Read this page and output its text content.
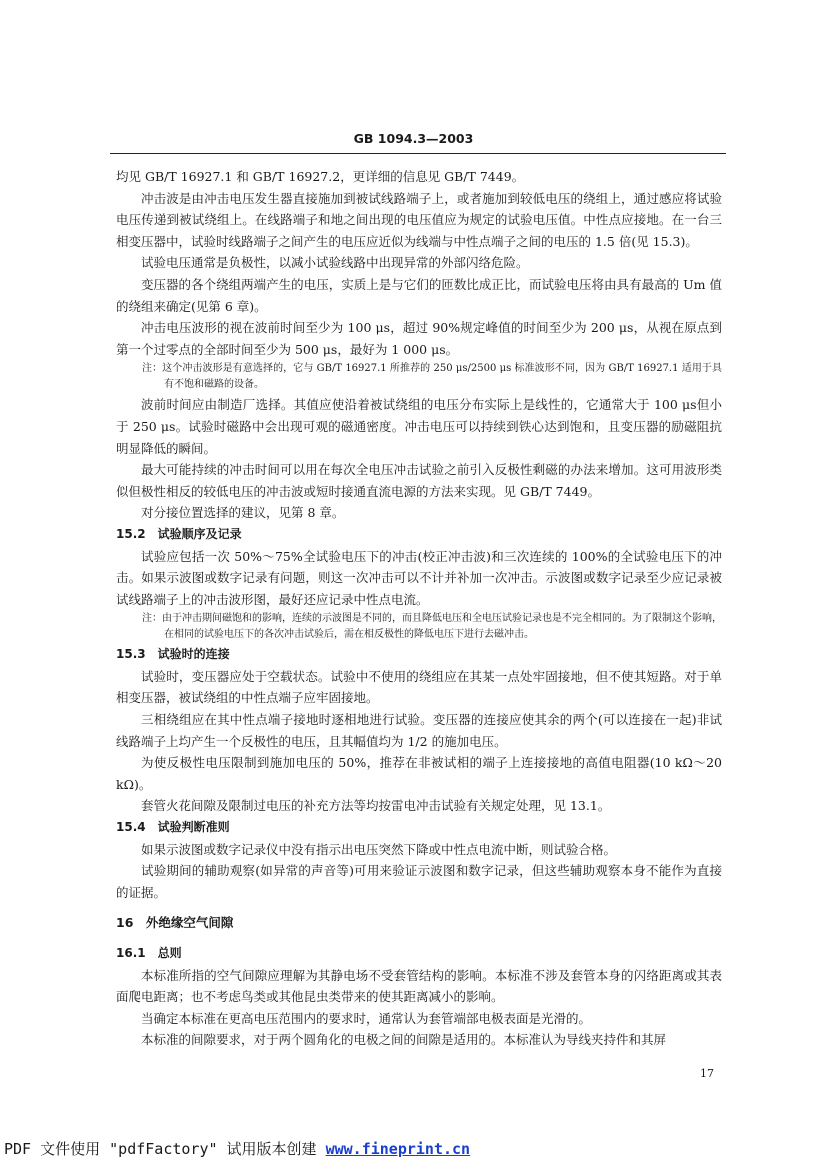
GB 1094.3—2003

均见 GB/T 16927.1 和 GB/T 16927.2，更详细的信息见 GB/T 7449。

冲击波是由冲击电压发生器直接施加到被试线路端子上，或者施加到较低电压的绕组上，通过感应将试验电压传递到被试绕组上。在线路端子和地之间出现的电压值应为规定的试验电压值。中性点应接地。在一台三相变压器中，试验时线路端子之间产生的电压应近似为线端与中性点端子之间的电压的 1.5 倍(见 15.3)。

试验电压通常是负极性，以减小试验线路中出现异常的外部闪络危险。

变压器的各个绕组两端产生的电压，实质上是与它们的匝数比成正比，而试验电压将由具有最高的 Um 值的绕组来确定(见第 6 章)。

冲击电压波形的视在波前时间至少为 100 μs，超过 90%规定峰值的时间至少为 200 μs，从视在原点到第一个过零点的全部时间至少为 500 μs，最好为 1 000 μs。

注：这个冲击波形是有意选择的，它与 GB/T 16927.1 所推荐的 250 μs/2500 μs 标准波形不同，因为 GB/T 16927.1 适用于具有不饱和磁路的设备。

波前时间应由制造厂选择。其值应使沿着被试绕组的电压分布实际上是线性的，它通常大于 100 μs但小于 250 μs。试验时磁路中会出现可观的磁通密度。冲击电压可以持续到铁心达到饱和，且变压器的励磁阻抗明显降低的瞬间。

最大可能持续的冲击时间可以用在每次全电压冲击试验之前引入反极性剩磁的办法来增加。这可用波形类似但极性相反的较低电压的冲击波或短时接通直流电源的方法来实现。见 GB/T 7449。

对分接位置选择的建议，见第 8 章。

15.2　试验顺序及记录

试验应包括一次 50%～75%全试验电压下的冲击(校正冲击波)和三次连续的 100%的全试验电压下的冲击。如果示波图或数字记录有问题，则这一次冲击可以不计并补加一次冲击。示波图或数字记录至少应记录被试线路端子上的冲击波形图，最好还应记录中性点电流。

注：由于冲击期间磁饱和的影响，连续的示波图是不同的，而且降低电压和全电压试验记录也是不完全相同的。为了限制这个影响，在相同的试验电压下的各次冲击试验后，需在相反极性的降低电压下进行去磁冲击。

15.3　试验时的连接

试验时，变压器应处于空载状态。试验中不使用的绕组应在其某一点处牢固接地，但不使其短路。对于单相变压器，被试绕组的中性点端子应牢固接地。

三相绕组应在其中性点端子接地时逐相地进行试验。变压器的连接应使其余的两个(可以连接在一起)非试线路端子上均产生一个反极性的电压，且其幅值均为 1/2 的施加电压。

为使反极性电压限制到施加电压的 50%，推荐在非被试相的端子上连接接地的高值电阻器(10 kΩ～20 kΩ)。

套管火花间隙及限制过电压的补充方法等均按雷电冲击试验有关规定处理，见 13.1。

15.4　试验判断准则

如果示波图或数字记录仪中没有指示出电压突然下降或中性点电流中断，则试验合格。

试验期间的辅助观察(如异常的声音等)可用来验证示波图和数字记录，但这些辅助观察本身不能作为直接的证据。

16　外绝缘空气间隙

16.1　总则

本标准所指的空气间隙应理解为其静电场不受套管结构的影响。本标准不涉及套管本身的闪络距离或其表面爬电距离；也不考虑鸟类或其他昆虫类带来的使其距离减小的影响。

当确定本标准在更高电压范围内的要求时，通常认为套管端部电极表面是光滑的。

本标准的间隙要求，对于两个圆角化的电极之间的间隙是适用的。本标准认为导线夹持件和其屏

17
PDF 文件使用 "pdfFactory" 试用版本创建 www.fineprint.cn
